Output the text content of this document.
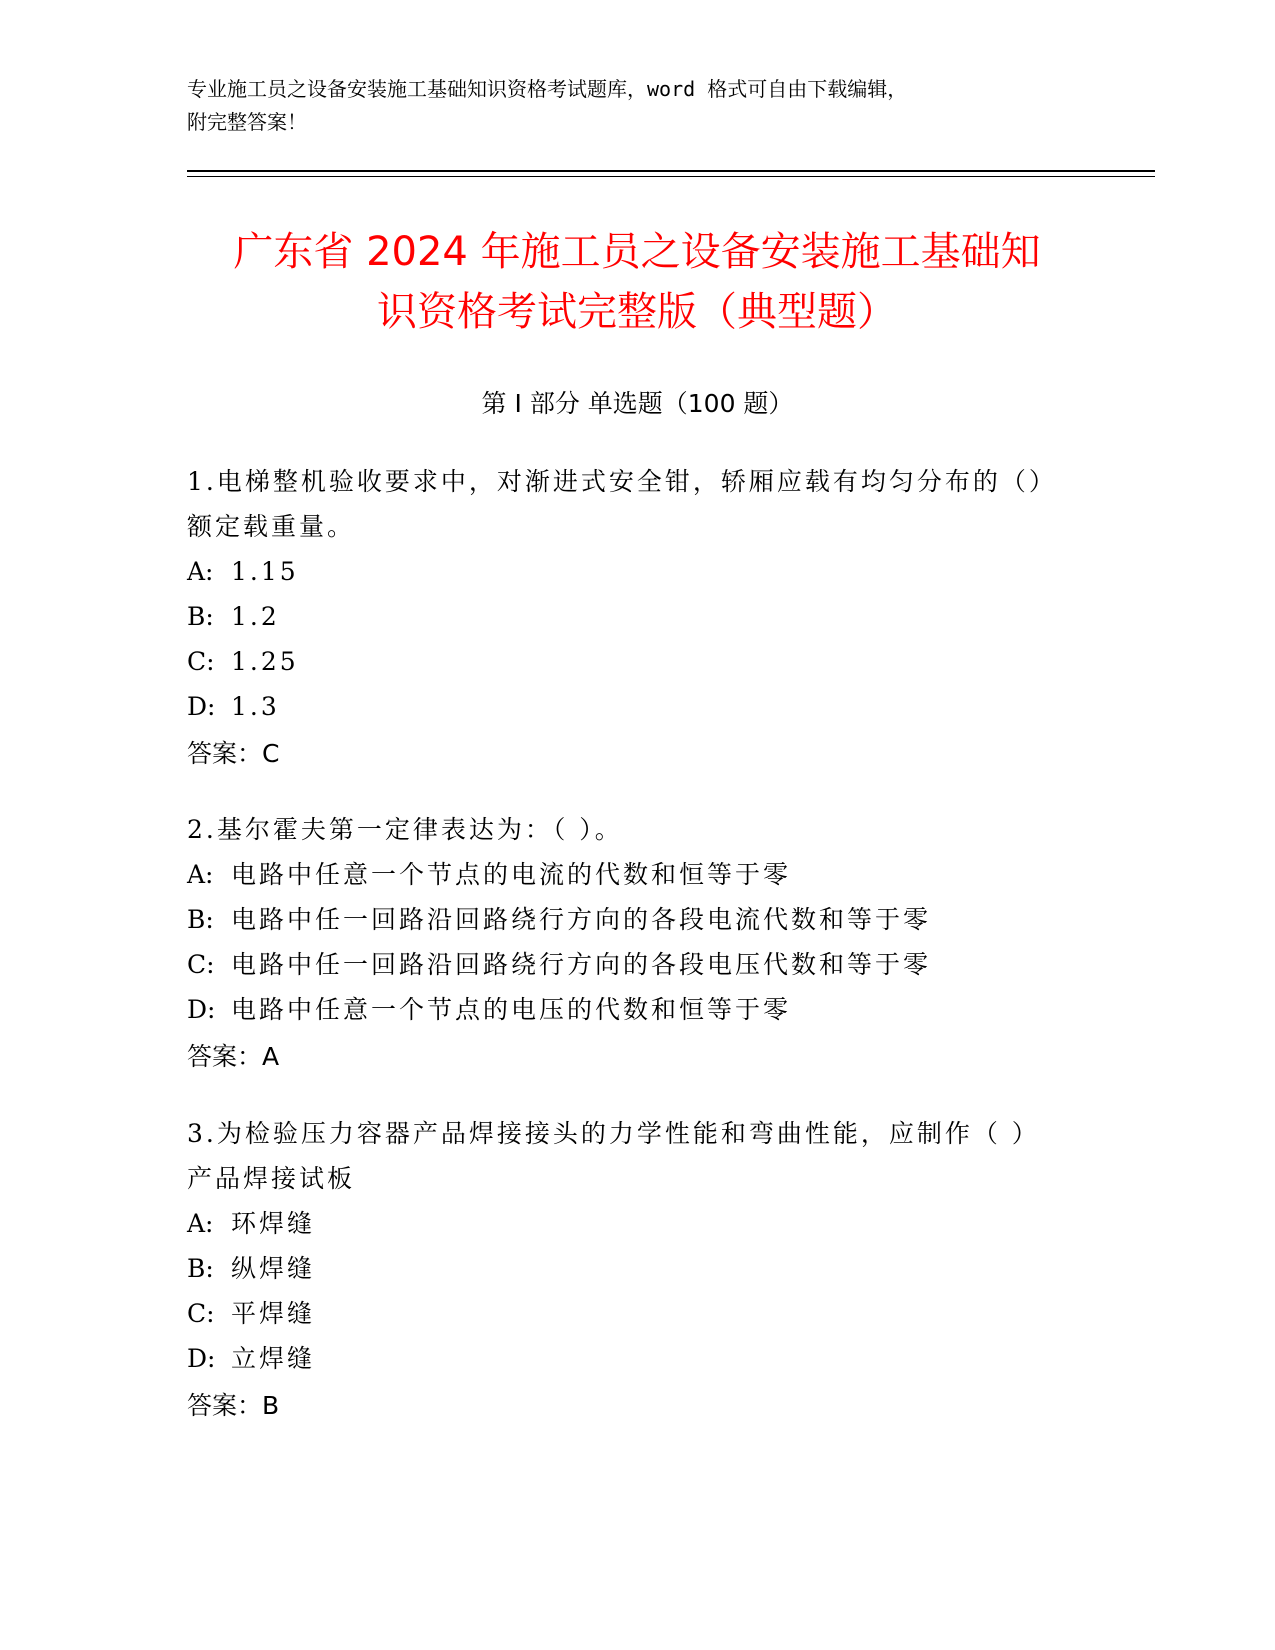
专业施工员之设备安装施工基础知识资格考试题库，word 格式可自由下载编辑，
附完整答案！
广东省 2024 年施工员之设备安装施工基础知
识资格考试完整版（典型题）
第 I 部分 单选题（100 题）
1.电梯整机验收要求中，对渐进式安全钳，轿厢应载有均匀分布的（）额定载重量。
A: 1.15
B: 1.2
C: 1.25
D: 1.3
答案：C
2.基尔霍夫第一定律表达为：（ ）。
A: 电路中任意一个节点的电流的代数和恒等于零
B: 电路中任一回路沿回路绕行方向的各段电流代数和等于零
C: 电路中任一回路沿回路绕行方向的各段电压代数和等于零
D: 电路中任意一个节点的电压的代数和恒等于零
答案：A
3.为检验压力容器产品焊接接头的力学性能和弯曲性能，应制作（ ）产品焊接试板
A: 环焊缝
B: 纵焊缝
C: 平焊缝
D: 立焊缝
答案：B
